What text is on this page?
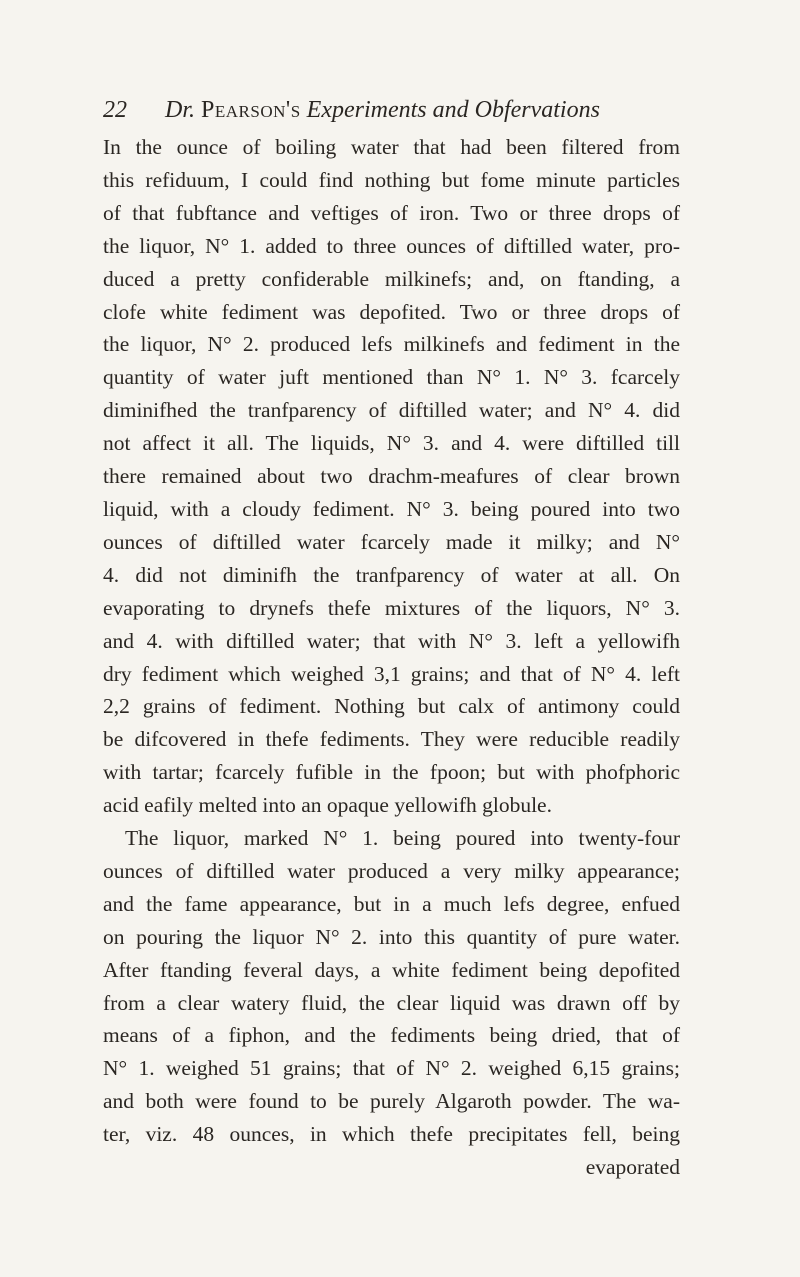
22	Dr. Pearson's Experiments and Obfervations
In the ounce of boiling water that had been filtered from
this refiduum, I could find nothing but fome minute particles
of that fubftance and veftiges of iron. Two or three drops of
the liquor, N° 1. added to three ounces of diftilled water, pro-
duced a pretty confiderable milkinefs; and, on ftanding, a
clofe white fediment was depofited. Two or three drops of
the liquor, N° 2. produced lefs milkinefs and fediment in the
quantity of water juft mentioned than N° 1. N° 3. fcarcely
diminifhed the tranfparency of diftilled water; and N° 4. did
not affect it all. The liquids, N° 3. and 4. were diftilled till
there remained about two drachm-meafures of clear brown
liquid, with a cloudy fediment. N° 3. being poured into two
ounces of diftilled water fcarcely made it milky; and N°
4. did not diminifh the tranfparency of water at all. On
evaporating to drynefs thefe mixtures of the liquors, N° 3.
and 4. with diftilled water; that with N° 3. left a yellowifh
dry fediment which weighed 3,1 grains; and that of N° 4. left
2,2 grains of fediment. Nothing but calx of antimony could
be difcovered in thefe fediments. They were reducible readily
with tartar; fcarcely fufible in the fpoon; but with phofphoric
acid eafily melted into an opaque yellowifh globule.
The liquor, marked N° 1. being poured into twenty-four
ounces of diftilled water produced a very milky appearance;
and the fame appearance, but in a much lefs degree, enfued
on pouring the liquor N° 2. into this quantity of pure water.
After ftanding feveral days, a white fediment being depofited
from a clear watery fluid, the clear liquid was drawn off by
means of a fiphon, and the fediments being dried, that of
N° 1. weighed 51 grains; that of N° 2. weighed 6,15 grains;
and both were found to be purely Algaroth powder. The wa-
ter, viz. 48 ounces, in which thefe precipitates fell, being
evaporated
